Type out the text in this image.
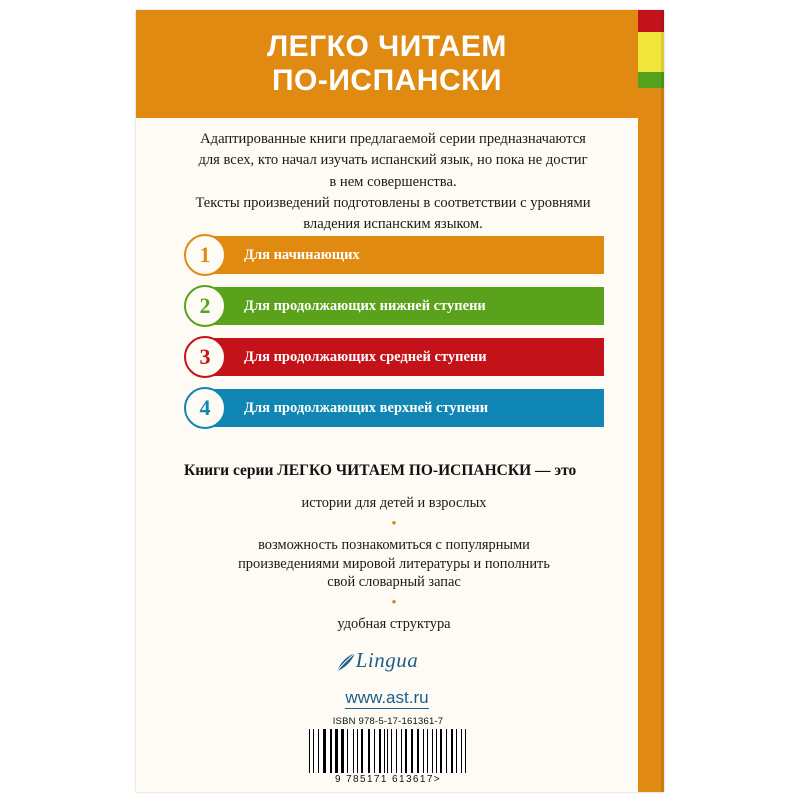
ЛЕГКО ЧИТАЕМ
ПО-ИСПАНСКИ

Адаптированные книги предлагаемой серии предназначаются

для всех, кто начал изучать испанский язык, но пока не достиг

в нем совершенства.

Тексты произведений подготовлены в соответствии с уровнями

владения испанским языком.

Для начинающих
1
Для продолжающих нижней ступени
2
Для продолжающих средней ступени
3
Для продолжающих верхней ступени
4
Книги серии ЛЕГКО ЧИТАЕМ ПО-ИСПАНСКИ — это
истории для детей и взрослых
•
возможность познакомиться с популярными
произведениями мировой литературы и пополнить
свой словарный запас
•
удобная структура
Lingua
www.ast.ru
ISBN 978-5-17-161361-7
9 785171 613617>
